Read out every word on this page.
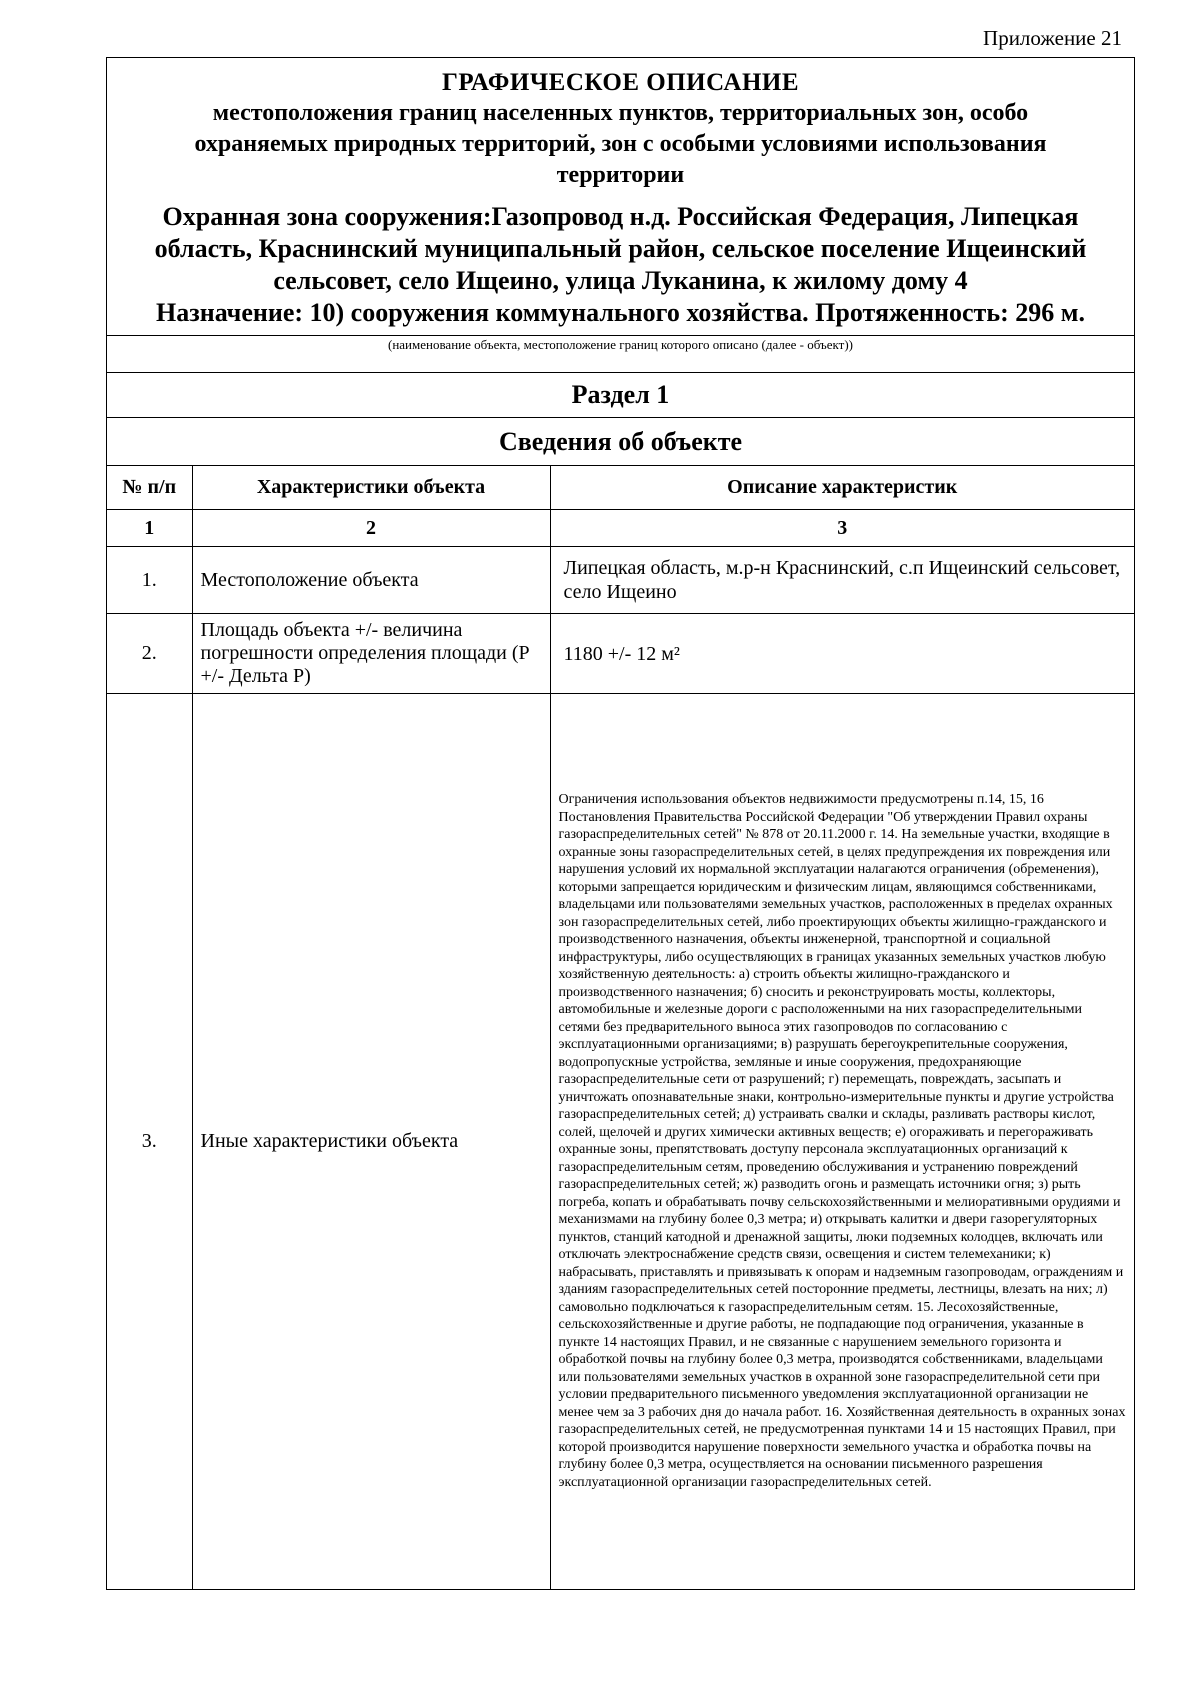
Приложение 21
ГРАФИЧЕСКОЕ ОПИСАНИЕ
местоположения границ населенных пунктов, территориальных зон, особо
охраняемых природных территорий, зон с особыми условиями использования
территории
Охранная зона сооружения:Газопровод н.д. Российская Федерация, Липецкая
область, Краснинский муниципальный район, сельское поселение Ищеинский
сельсовет, село Ищеино, улица Луканина, к жилому дому 4
Назначение: 10) сооружения коммунального хозяйства. Протяженность: 296 м.
(наименование объекта, местоположение границ которого описано (далее - объект))
Раздел 1
Сведения об объекте
№ п/п	Характеристики объекта	Описание характеристик
1	2	3
1.	Местоположение объекта	Липецкая область, м.р-н Краснинский, с.п Ищеинский сельсовет, село Ищеино
2.	Площадь объекта +/- величина погрешности определения площади (Р +/- Дельта Р)	1180 +/- 12 м²
3.	Иные характеристики объекта	Ограничения использования объектов недвижимости предусмотрены п.14, 15, 16 Постановления Правительства Российской Федерации "Об утверждении Правил охраны газораспределительных сетей" № 878 от 20.11.2000 г. 14. На земельные участки, входящие в охранные зоны газораспределительных сетей, в целях предупреждения их повреждения или нарушения условий их нормальной эксплуатации налагаются ограничения (обременения), которыми запрещается юридическим и физическим лицам, являющимся собственниками, владельцами или пользователями земельных участков, расположенных в пределах охранных зон газораспределительных сетей, либо проектирующих объекты жилищно-гражданского и производственного назначения, объекты инженерной, транспортной и социальной инфраструктуры, либо осуществляющих в границах указанных земельных участков любую хозяйственную деятельность: а) строить объекты жилищно-гражданского и производственного назначения; б) сносить и реконструировать мосты, коллекторы, автомобильные и железные дороги с расположенными на них газораспределительными сетями без предварительного выноса этих газопроводов по согласованию с эксплуатационными организациями; в) разрушать берегоукрепительные сооружения, водопропускные устройства, земляные и иные сооружения, предохраняющие газораспределительные сети от разрушений; г) перемещать, повреждать, засыпать и уничтожать опознавательные знаки, контрольно-измерительные пункты и другие устройства газораспределительных сетей; д) устраивать свалки и склады, разливать растворы кислот, солей, щелочей и других химически активных веществ; е) огораживать и перегораживать охранные зоны, препятствовать доступу персонала эксплуатационных организаций к газораспределительным сетям, проведению обслуживания и устранению повреждений газораспределительных сетей; ж) разводить огонь и размещать источники огня; з) рыть погреба, копать и обрабатывать почву сельскохозяйственными и мелиоративными орудиями и механизмами на глубину более 0,3 метра; и) открывать калитки и двери газорегуляторных пунктов, станций катодной и дренажной защиты, люки подземных колодцев, включать или отключать электроснабжение средств связи, освещения и систем телемеханики; к) набрасывать, приставлять и привязывать к опорам и надземным газопроводам, ограждениям и зданиям газораспределительных сетей посторонние предметы, лестницы, влезать на них; л) самовольно подключаться к газораспределительным сетям. 15. Лесохозяйственные, сельскохозяйственные и другие работы, не подпадающие под ограничения, указанные в пункте 14 настоящих Правил, и не связанные с нарушением земельного горизонта и обработкой почвы на глубину более 0,3 метра, производятся собственниками, владельцами или пользователями земельных участков в охранной зоне газораспределительной сети при условии предварительного письменного уведомления эксплуатационной организации не менее чем за 3 рабочих дня до начала работ. 16. Хозяйственная деятельность в охранных зонах газораспределительных сетей, не предусмотренная пунктами 14 и 15 настоящих Правил, при которой производится нарушение поверхности земельного участка и обработка почвы на глубину более 0,3 метра, осуществляется на основании письменного разрешения эксплуатационной организации газораспределительных сетей.
